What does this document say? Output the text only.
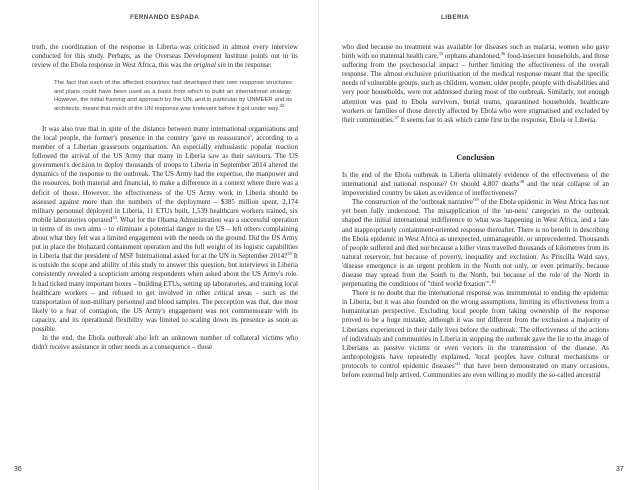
FERNANDO ESPADA

truth, the coordination of the response in Liberia was criticised in almost every interview conducted for this study. Perhaps, as the Overseas Development Institute points out in its review of the Ebola response in West Africa, this was the original sin in the response:

The fact that each of the affected countries had developed their own response structures and plans could have been used as a basis from which to build an international strategy. However, the initial framing and approach by the UN, and in particular by UNMEER and its architects, meant that much of the UN response was irrelevant before it got under way.$^{32}$

It was also true that in spite of the distance between many international organisations and the local people, the former's presence in the country 'gave us reassurance', according to a member of a Liberian grassroots organisation. An especially enthusiastic popular reaction followed the arrival of the US Army that many in Liberia saw as their saviours. The US government's decision to deploy thousands of troops to Liberia in September 2014 altered the dynamics of the response to the outbreak. The US Army had the expertise, the manpower and the resources, both material and financial, to make a difference in a context where there was a deficit of those. However, the effectiveness of the US Army work in Liberia should be assessed against more than the numbers of the deployment – $385 million spent, 2,174 military personnel deployed in Liberia, 11 ETUs built, 1,539 healthcare workers trained, six mobile laboratories operated$^{33}$. What for the Obama Administration was a successful operation in terms of its own aims – to eliminate a potential danger to the US – left others complaining about what they felt was a limited engagement with the needs on the ground. Did the US Army put in place the biohazard containment operation and the full weight of its logistic capabilities in Liberia that the president of MSF International asked for at the UN in September 2014?$^{34}$ It is outside the scope and ability of this study to answer this question, but interviews in Liberia consistently revealed a scepticism among respondents when asked about the US Army's role. It had ticked many important boxes – building ETUs, setting up laboratories, and training local healthcare workers – and refused to get involved in other critical areas – such as the transportation of non-military personnel and blood samples. The perception was that, due most likely to a fear of contagion, the US Army's engagement was not commensurate with its capacity, and its operational flexibility was limited to scaling down its presence as soon as possible.

In the end, the Ebola outbreak also left an unknown number of collateral victims who didn't receive assistance in other needs as a consequence – those

36
LIBERIA

who died because no treatment was available for diseases such as malaria, women who gave birth with no maternal health care,$^{35}$ orphans abandoned,$^{36}$ food-insecure households, and those suffering from the psychosocial impact – further limiting the effectiveness of the overall response. The almost exclusive prioritisation of the medical response meant that the specific needs of vulnerable groups, such as children, women, older people, people with disabilities and very poor households, were not addressed during most of the outbreak. Similarly, not enough attention was paid to Ebola survivors, burial teams, quarantined households, healthcare workers or families of those directly affected by Ebola who were stigmatised and excluded by their communities.$^{37}$ It seems fair to ask which came first in the response, Ebola or Liberia.

Conclusion

Is the end of the Ebola outbreak in Liberia ultimately evidence of the effectiveness of the international and national response? Or should 4,807 deaths$^{38}$ and the near collapse of an impoverished country be taken as evidence of ineffectiveness?

The construction of the 'outbreak $narrative'^{39}$ of the Ebola epidemic in West Africa has not yet been fully understood. The misapplication of the 'un-ness' categories to the outbreak shaped the initial international indifference to what was happening in West Africa, and a late and inappropriately containment-oriented response thereafter. There is no benefit in describing the Ebola epidemic in West Africa as unexpected, unmanageable, or unprecedented. Thousands of people suffered and died not because a killer virus travelled thousands of kilometres from its natural reservoir, but because of poverty, inequality and exclusion. As Priscilla Wald says, 'disease emergence is an urgent problem in the North not only, or even primarily, because disease may spread from the South to the North, but because of the role of the North in perpetuating the conditions of "third world fixation"'.$^{40}$

There is no doubt that the international response was instrumental to ending the epidemic in Liberia, but it was also founded on the wrong assumptions, limiting its effectiveness from a humanitarian perspective. Excluding local people from taking ownership of the response proved to be a huge mistake, although it was not different from the exclusion a majority of Liberians experienced in their daily lives before the outbreak. The effectiveness of the actions of individuals and communities in Liberia in stopping the outbreak gave the lie to the image of Liberians as passive victims or even vectors in the transmission of the disease. As anthropologists have repeatedly explained, 'local peoples have cultural mechanisms or protocols to control epidemic $diseases'^{41}$ that have been demonstrated on many occasions, before external help arrived. Communities are even willing to modify the so-called ancestral

37
